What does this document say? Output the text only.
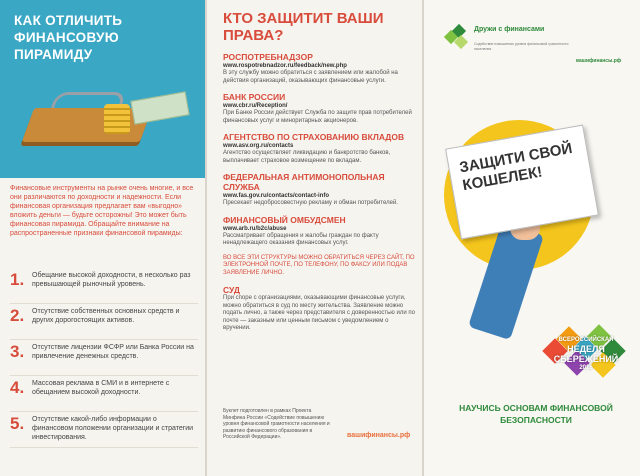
КАК ОТЛИЧИТЬ ФИНАНСОВУЮ ПИРАМИДУ

Финансовые инструменты на рынке очень многие, и все они различаются по доходности и надежности. Если финансовая организация предлагает вам «выгодно» вложить деньги — будьте осторожны! Это может быть финансовая пирамида. Обращайте внимание на распространенные признаки финансовой пирамиды:

1.	Обещание высокой доходности, в несколько раз превышающей рыночный уровень.
2.	Отсутствие собственных основных средств и других дорогостоящих активов.
3.	Отсутствие лицензии ФСФР или Банка России на привлечение денежных средств.
4.	Массовая реклама в СМИ и в интернете с обещанием высокой доходности.
5.	Отсутствие какой-либо информации о финансовом положении организации и стратегии инвестирования.
КТО ЗАЩИТИТ ВАШИ ПРАВА?
РОСПОТРЕБНАДЗОР
www.rospotrebnadzor.ru/feedback/new.php
В эту службу можно обратиться с заявлением или жалобой на действия организаций, оказывающих финансовые услуги.
БАНК РОССИИ
www.cbr.ru/Reception/
При Банке России действует Служба по защите прав потребителей финансовых услуг и миноритарных акционеров.
АГЕНТСТВО ПО СТРАХОВАНИЮ ВКЛАДОВ
www.asv.org.ru/contacts
Агентство осуществляет ликвидацию и банкротство банков, выплачивает страховое возмещение по вкладам.
ФЕДЕРАЛЬНАЯ АНТИМОНОПОЛЬНАЯ СЛУЖБА
www.fas.gov.ru/contacts/contact-info
Пресекает недобросовестную рекламу и обман потребителей.
ФИНАНСОВЫЙ ОМБУДСМЕН
www.arb.ru/b2c/abuse
Рассматривает обращения и жалобы граждан по факту ненадлежащего оказания финансовых услуг.

ВО ВСЕ ЭТИ СТРУКТУРЫ МОЖНО ОБРАТИТЬСЯ ЧЕРЕЗ САЙТ, ПО ЭЛЕКТРОННОЙ ПОЧТЕ, ПО ТЕЛЕФОНУ, ПО ФАКСУ ИЛИ ПОДАВ ЗАЯВЛЕНИЕ ЛИЧНО.

СУД
При споре с организациями, оказывающими финансовые услуги, можно обратиться в суд по месту жительства. Заявление можно подать лично, а также через представителя с доверенностью или по почте — заказным или ценным письмом с уведомлением о вручении.

Буклет подготовлен в рамках Проекта Минфина России «Содействие повышению уровня финансовой грамотности населения и развитию финансового образования в Российской Федерации».	вашифинансы.рф
Дружи с финансами
Содействие повышению уровня финансовой грамотности населения
вашифинансы.рф
ЗАЩИТИ СВОЙ КОШЕЛЕК!
ВСЕРОССИЙСКАЯ
НЕДЕЛЯ СБЕРЕЖЕНИЙ
2016

НАУЧИСЬ ОСНОВАМ ФИНАНСОВОЙ БЕЗОПАСНОСТИ
